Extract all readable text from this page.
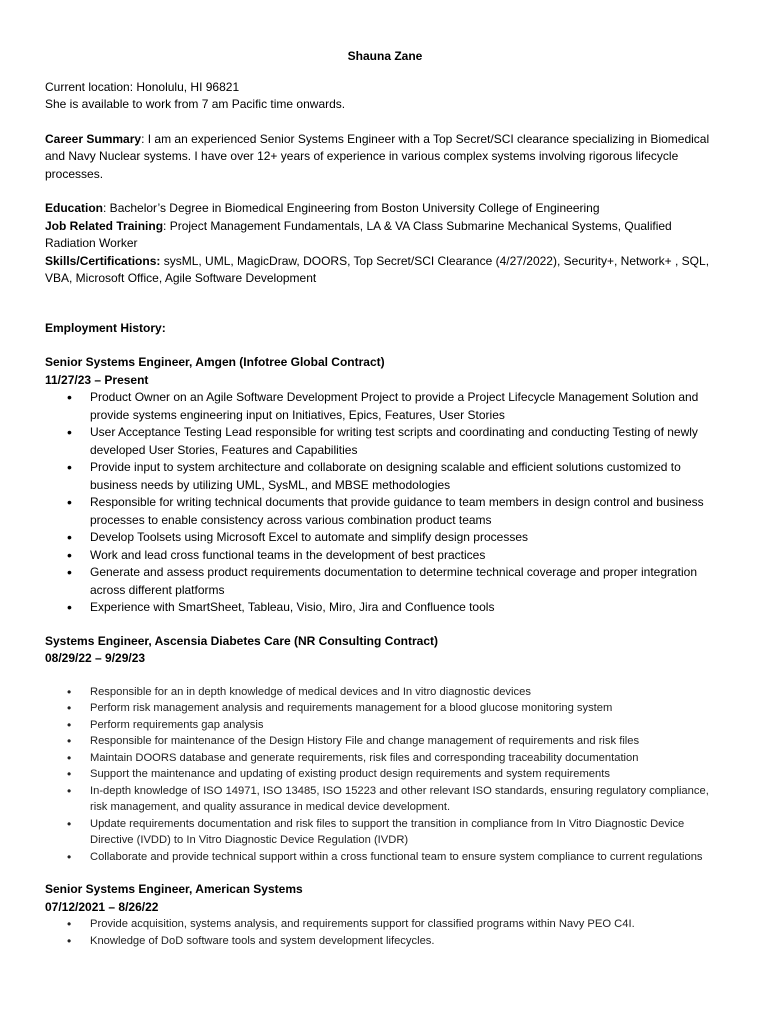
Shauna Zane

Current location: Honolulu, HI 96821

She is available to work from 7 am Pacific time onwards.

Career Summary: I am an experienced Senior Systems Engineer with a Top Secret/SCI clearance specializing in Biomedical and Navy Nuclear systems. I have over 12+ years of experience in various complex systems involving rigorous lifecycle processes.

Education: Bachelor’s Degree in Biomedical Engineering from Boston University College of Engineering

Job Related Training: Project Management Fundamentals, LA & VA Class Submarine Mechanical Systems, Qualified Radiation Worker

Skills/Certifications: sysML, UML, MagicDraw, DOORS, Top Secret/SCI Clearance (4/27/2022), Security+, Network+ , SQL, VBA, Microsoft Office, Agile Software Development

Employment History:

Senior Systems Engineer, Amgen (Infotree Global Contract)

11/27/23 – Present

• Product Owner on an Agile Software Development Project to provide a Project Lifecycle Management Solution and provide systems engineering input on Initiatives, Epics, Features, User Stories
• User Acceptance Testing Lead responsible for writing test scripts and coordinating and conducting Testing of newly developed User Stories, Features and Capabilities
• Provide input to system architecture and collaborate on designing scalable and efficient solutions customized to business needs by utilizing UML, SysML, and MBSE methodologies
• Responsible for writing technical documents that provide guidance to team members in design control and business processes to enable consistency across various combination product teams
• Develop Toolsets using Microsoft Excel to automate and simplify design processes
• Work and lead cross functional teams in the development of best practices
• Generate and assess product requirements documentation to determine technical coverage and proper integration across different platforms
• Experience with SmartSheet, Tableau, Visio, Miro, Jira and Confluence tools

Systems Engineer, Ascensia Diabetes Care (NR Consulting Contract)

08/29/22 – 9/29/23

• Responsible for an in depth knowledge of medical devices and In vitro diagnostic devices
• Perform risk management analysis and requirements management for a blood glucose monitoring system
• Perform requirements gap analysis
• Responsible for maintenance of the Design History File and change management of requirements and risk files
• Maintain DOORS database and generate requirements, risk files and corresponding traceability documentation
• Support the maintenance and updating of existing product design requirements and system requirements
• In-depth knowledge of ISO 14971, ISO 13485, ISO 15223 and other relevant ISO standards, ensuring regulatory compliance, risk management, and quality assurance in medical device development.
• Update requirements documentation and risk files to support the transition in compliance from In Vitro Diagnostic Device Directive (IVDD) to In Vitro Diagnostic Device Regulation (IVDR)
• Collaborate and provide technical support within a cross functional team to ensure system compliance to current regulations

Senior Systems Engineer, American Systems

07/12/2021 – 8/26/22

• Provide acquisition, systems analysis, and requirements support for classified programs within Navy PEO C4I.
• Knowledge of DoD software tools and system development lifecycles.
